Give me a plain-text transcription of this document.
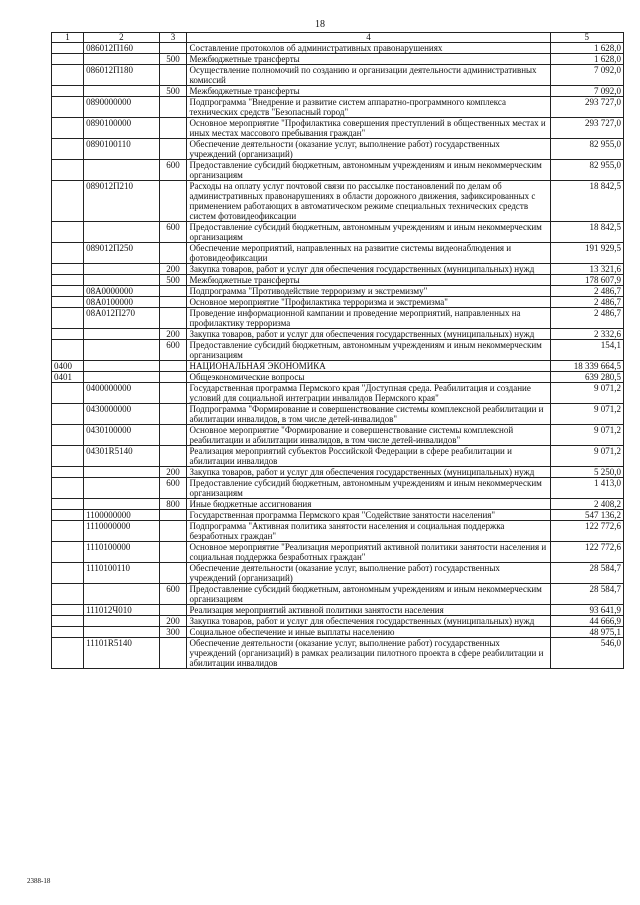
18
1	2	3	4	5
	086012П160		Составление протоколов об административных правонарушениях	1 628,0
		500	Межбюджетные трансферты	1 628,0
	086012П180		Осуществление полномочий по созданию и организации деятельности административных комиссий	7 092,0
		500	Межбюджетные трансферты	7 092,0
	0890000000		Подпрограмма "Внедрение и развитие систем аппаратно-программного комплекса технических средств "Безопасный город"	293 727,0
	0890100000		Основное мероприятие "Профилактика совершения преступлений в общественных местах и иных местах массового пребывания граждан"	293 727,0
	0890100110		Обеспечение деятельности (оказание услуг, выполнение работ) государственных учреждений (организаций)	82 955,0
		600	Предоставление субсидий бюджетным, автономным учреждениям и иным некоммерческим организациям	82 955,0
	089012П210		Расходы на оплату услуг почтовой связи по рассылке постановлений по делам об административных правонарушениях в области дорожного движения, зафиксированных с применением работающих в автоматическом режиме специальных технических средств систем фотовидеофиксации	18 842,5
		600	Предоставление субсидий бюджетным, автономным учреждениям и иным некоммерческим организациям	18 842,5
	089012П250		Обеспечение мероприятий, направленных на развитие системы видеонаблюдения и фотовидеофиксации	191 929,5
		200	Закупка товаров, работ и услуг для обеспечения государственных (муниципальных) нужд	13 321,6
		500	Межбюджетные трансферты	178 607,9
	08А0000000		Подпрограмма "Противодействие терроризму и экстремизму"	2 486,7
	08А0100000		Основное мероприятие "Профилактика терроризма и экстремизма"	2 486,7
	08А012П270		Проведение информационной кампании и проведение мероприятий, направленных на профилактику терроризма	2 486,7
		200	Закупка товаров, работ и услуг для обеспечения государственных (муниципальных) нужд	2 332,6
		600	Предоставление субсидий бюджетным, автономным учреждениям и иным некоммерческим организациям	154,1
0400			НАЦИОНАЛЬНАЯ ЭКОНОМИКА	18 339 664,5
0401			Общеэкономические вопросы	639 280,5
	0400000000		Государственная программа Пермского края "Доступная среда. Реабилитация и создание условий для социальной интеграции инвалидов Пермского края"	9 071,2
	0430000000		Подпрограмма "Формирование и совершенствование системы комплексной реабилитации и абилитации инвалидов, в том числе детей-инвалидов"	9 071,2
	0430100000		Основное мероприятие "Формирование и совершенствование системы комплексной реабилитации и абилитации инвалидов, в том числе детей-инвалидов"	9 071,2
	04301R5140		Реализация мероприятий субъектов Российской Федерации в сфере реабилитации и абилитации инвалидов	9 071,2
		200	Закупка товаров, работ и услуг для обеспечения государственных (муниципальных) нужд	5 250,0
		600	Предоставление субсидий бюджетным, автономным учреждениям и иным некоммерческим организациям	1 413,0
		800	Иные бюджетные ассигнования	2 408,2
	1100000000		Государственная программа Пермского края "Содействие занятости населения"	547 136,2
	1110000000		Подпрограмма "Активная политика занятости населения и социальная поддержка безработных граждан"	122 772,6
	1110100000		Основное мероприятие "Реализация мероприятий активной политики занятости населения и социальная поддержка безработных граждан"	122 772,6
	1110100110		Обеспечение деятельности (оказание услуг, выполнение работ) государственных учреждений (организаций)	28 584,7
		600	Предоставление субсидий бюджетным, автономным учреждениям и иным некоммерческим организациям	28 584,7
	111012Ч010		Реализация мероприятий активной политики занятости населения	93 641,9
		200	Закупка товаров, работ и услуг для обеспечения государственных (муниципальных) нужд	44 666,9
		300	Социальное обеспечение и иные выплаты населению	48 975,1
	11101R5140		Обеспечение деятельности (оказание услуг, выполнение работ) государственных учреждений (организаций) в рамках реализации пилотного проекта в сфере реабилитации и абилитации инвалидов	546,0
2388-18
